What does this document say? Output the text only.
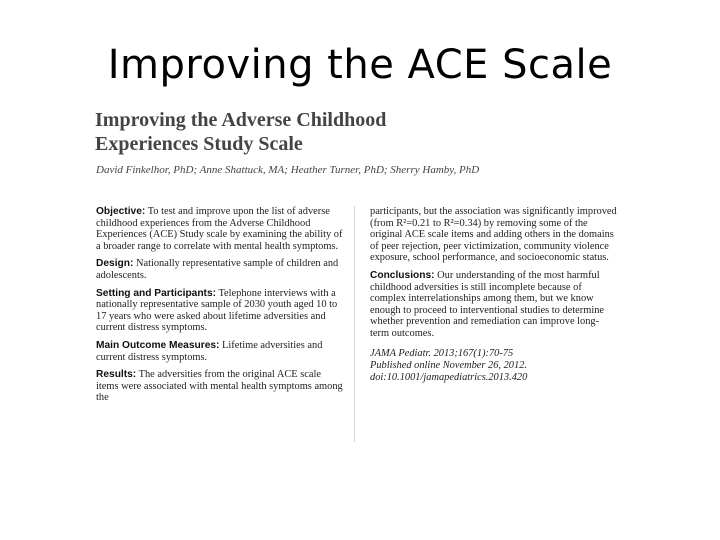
Improving the ACE Scale
Improving the Adverse Childhood
Experiences Study Scale
David Finkelhor, PhD; Anne Shattuck, MA; Heather Turner, PhD; Sherry Hamby, PhD

Objective: To test and improve upon the list of adverse childhood experiences from the Adverse Childhood Experiences (ACE) Study scale by examining the ability of a broader range to correlate with mental health symptoms.

Design: Nationally representative sample of children and adolescents.

Setting and Participants: Telephone interviews with a nationally representative sample of 2030 youth aged 10 to 17 years who were asked about lifetime adversities and current distress symptoms.

Main Outcome Measures: Lifetime adversities and current distress symptoms.

Results: The adversities from the original ACE scale items were associated with mental health symptoms among the

participants, but the association was significantly improved (from R²=0.21 to R²=0.34) by removing some of the original ACE scale items and adding others in the domains of peer rejection, peer victimization, community violence exposure, school performance, and socioeconomic status.

Conclusions: Our understanding of the most harmful childhood adversities is still incomplete because of complex interrelationships among them, but we know enough to proceed to interventional studies to determine whether prevention and remediation can improve long-term outcomes.

JAMA Pediatr. 2013;167(1):70-75
Published online November 26, 2012.
doi:10.1001/jamapediatrics.2013.420
